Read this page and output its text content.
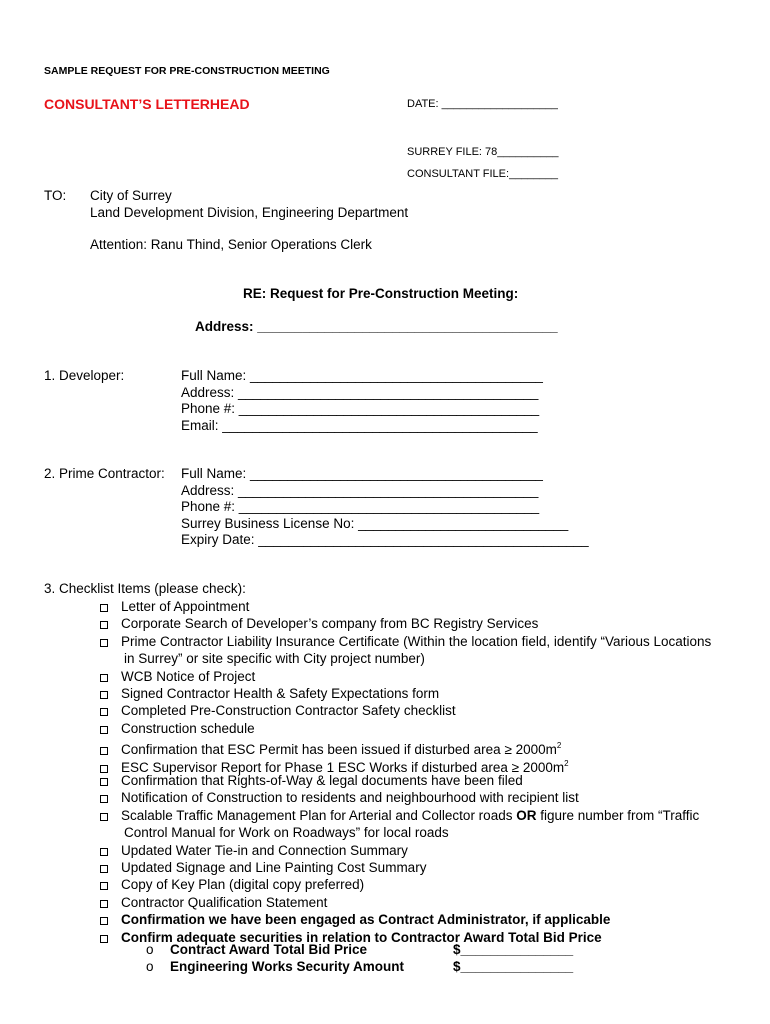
SAMPLE REQUEST FOR PRE-CONSTRUCTION MEETING
CONSULTANT’S LETTERHEAD	DATE: ___________________
SURREY FILE: 78__________
CONSULTANT FILE:________
TO: City of Surrey
Land Development Division, Engineering Department
Attention: Ranu Thind, Senior Operations Clerk
RE: Request for Pre-Construction Meeting:
Address: ________________________________________
1. Developer:	Full Name: _______________________________________
Address: ________________________________________
Phone #: ________________________________________
Email: __________________________________________
2. Prime Contractor: Full Name: _______________________________________
Address: ________________________________________
Phone #: ________________________________________
Surrey Business License No: ____________________________
Expiry Date: ____________________________________________
3. Checklist Items (please check):
Letter of Appointment
Corporate Search of Developer’s company from BC Registry Services
Prime Contractor Liability Insurance Certificate (Within the location field, identify “Various Locations
in Surrey” or site specific with City project number)
WCB Notice of Project
Signed Contractor Health & Safety Expectations form
Completed Pre-Construction Contractor Safety checklist
Construction schedule
Confirmation that ESC Permit has been issued if disturbed area ≥ $2000m^2$
ESC Supervisor Report for Phase 1 ESC Works if disturbed area ≥ $2000m^2$
Confirmation that Rights-of-Way & legal documents have been filed
Notification of Construction to residents and neighbourhood with recipient list
Scalable Traffic Management Plan for Arterial and Collector roads OR figure number from “Traffic
Control Manual for Work on Roadways” for local roads
Updated Water Tie-in and Connection Summary
Updated Signage and Line Painting Cost Summary
Copy of Key Plan (digital copy preferred)
Contractor Qualification Statement
Confirmation we have been engaged as Contract Administrator, if applicable
Confirm adequate securities in relation to Contractor Award Total Bid Price
o Contract Award Total Bid Price	$_______________
o Engineering Works Security Amount	$_______________
